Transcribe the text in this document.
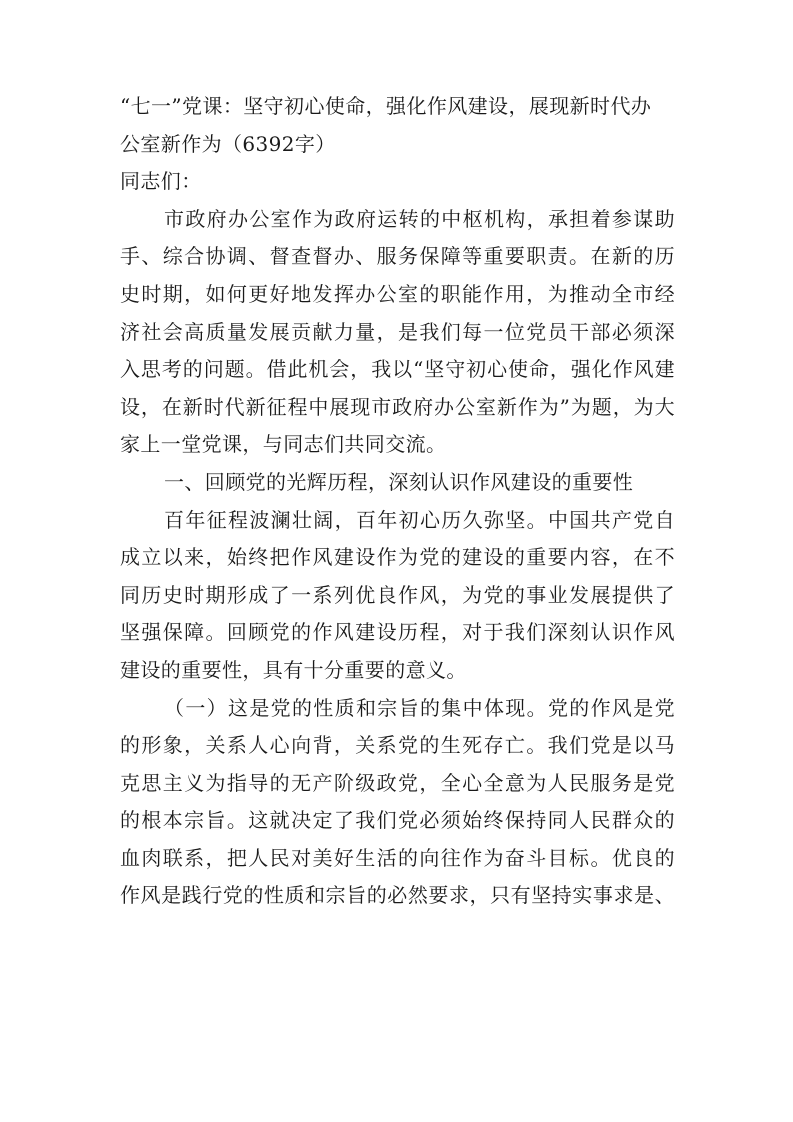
“七一”党课：坚守初心使命，强化作风建设，展现新时代办
公室新作为（6392字）
同志们：
市政府办公室作为政府运转的中枢机构，承担着参谋助
手、综合协调、督查督办、服务保障等重要职责。在新的历
史时期，如何更好地发挥办公室的职能作用，为推动全市经
济社会高质量发展贡献力量，是我们每一位党员干部必须深
入思考的问题。借此机会，我以“坚守初心使命，强化作风建
设，在新时代新征程中展现市政府办公室新作为”为题，为大
家上一堂党课，与同志们共同交流。
一、回顾党的光辉历程，深刻认识作风建设的重要性
百年征程波澜壮阔，百年初心历久弥坚。中国共产党自
成立以来，始终把作风建设作为党的建设的重要内容，在不
同历史时期形成了一系列优良作风，为党的事业发展提供了
坚强保障。回顾党的作风建设历程，对于我们深刻认识作风
建设的重要性，具有十分重要的意义。
（一）这是党的性质和宗旨的集中体现。党的作风是党
的形象，关系人心向背，关系党的生死存亡。我们党是以马
克思主义为指导的无产阶级政党，全心全意为人民服务是党
的根本宗旨。这就决定了我们党必须始终保持同人民群众的
血肉联系，把人民对美好生活的向往作为奋斗目标。优良的
作风是践行党的性质和宗旨的必然要求，只有坚持实事求是、
